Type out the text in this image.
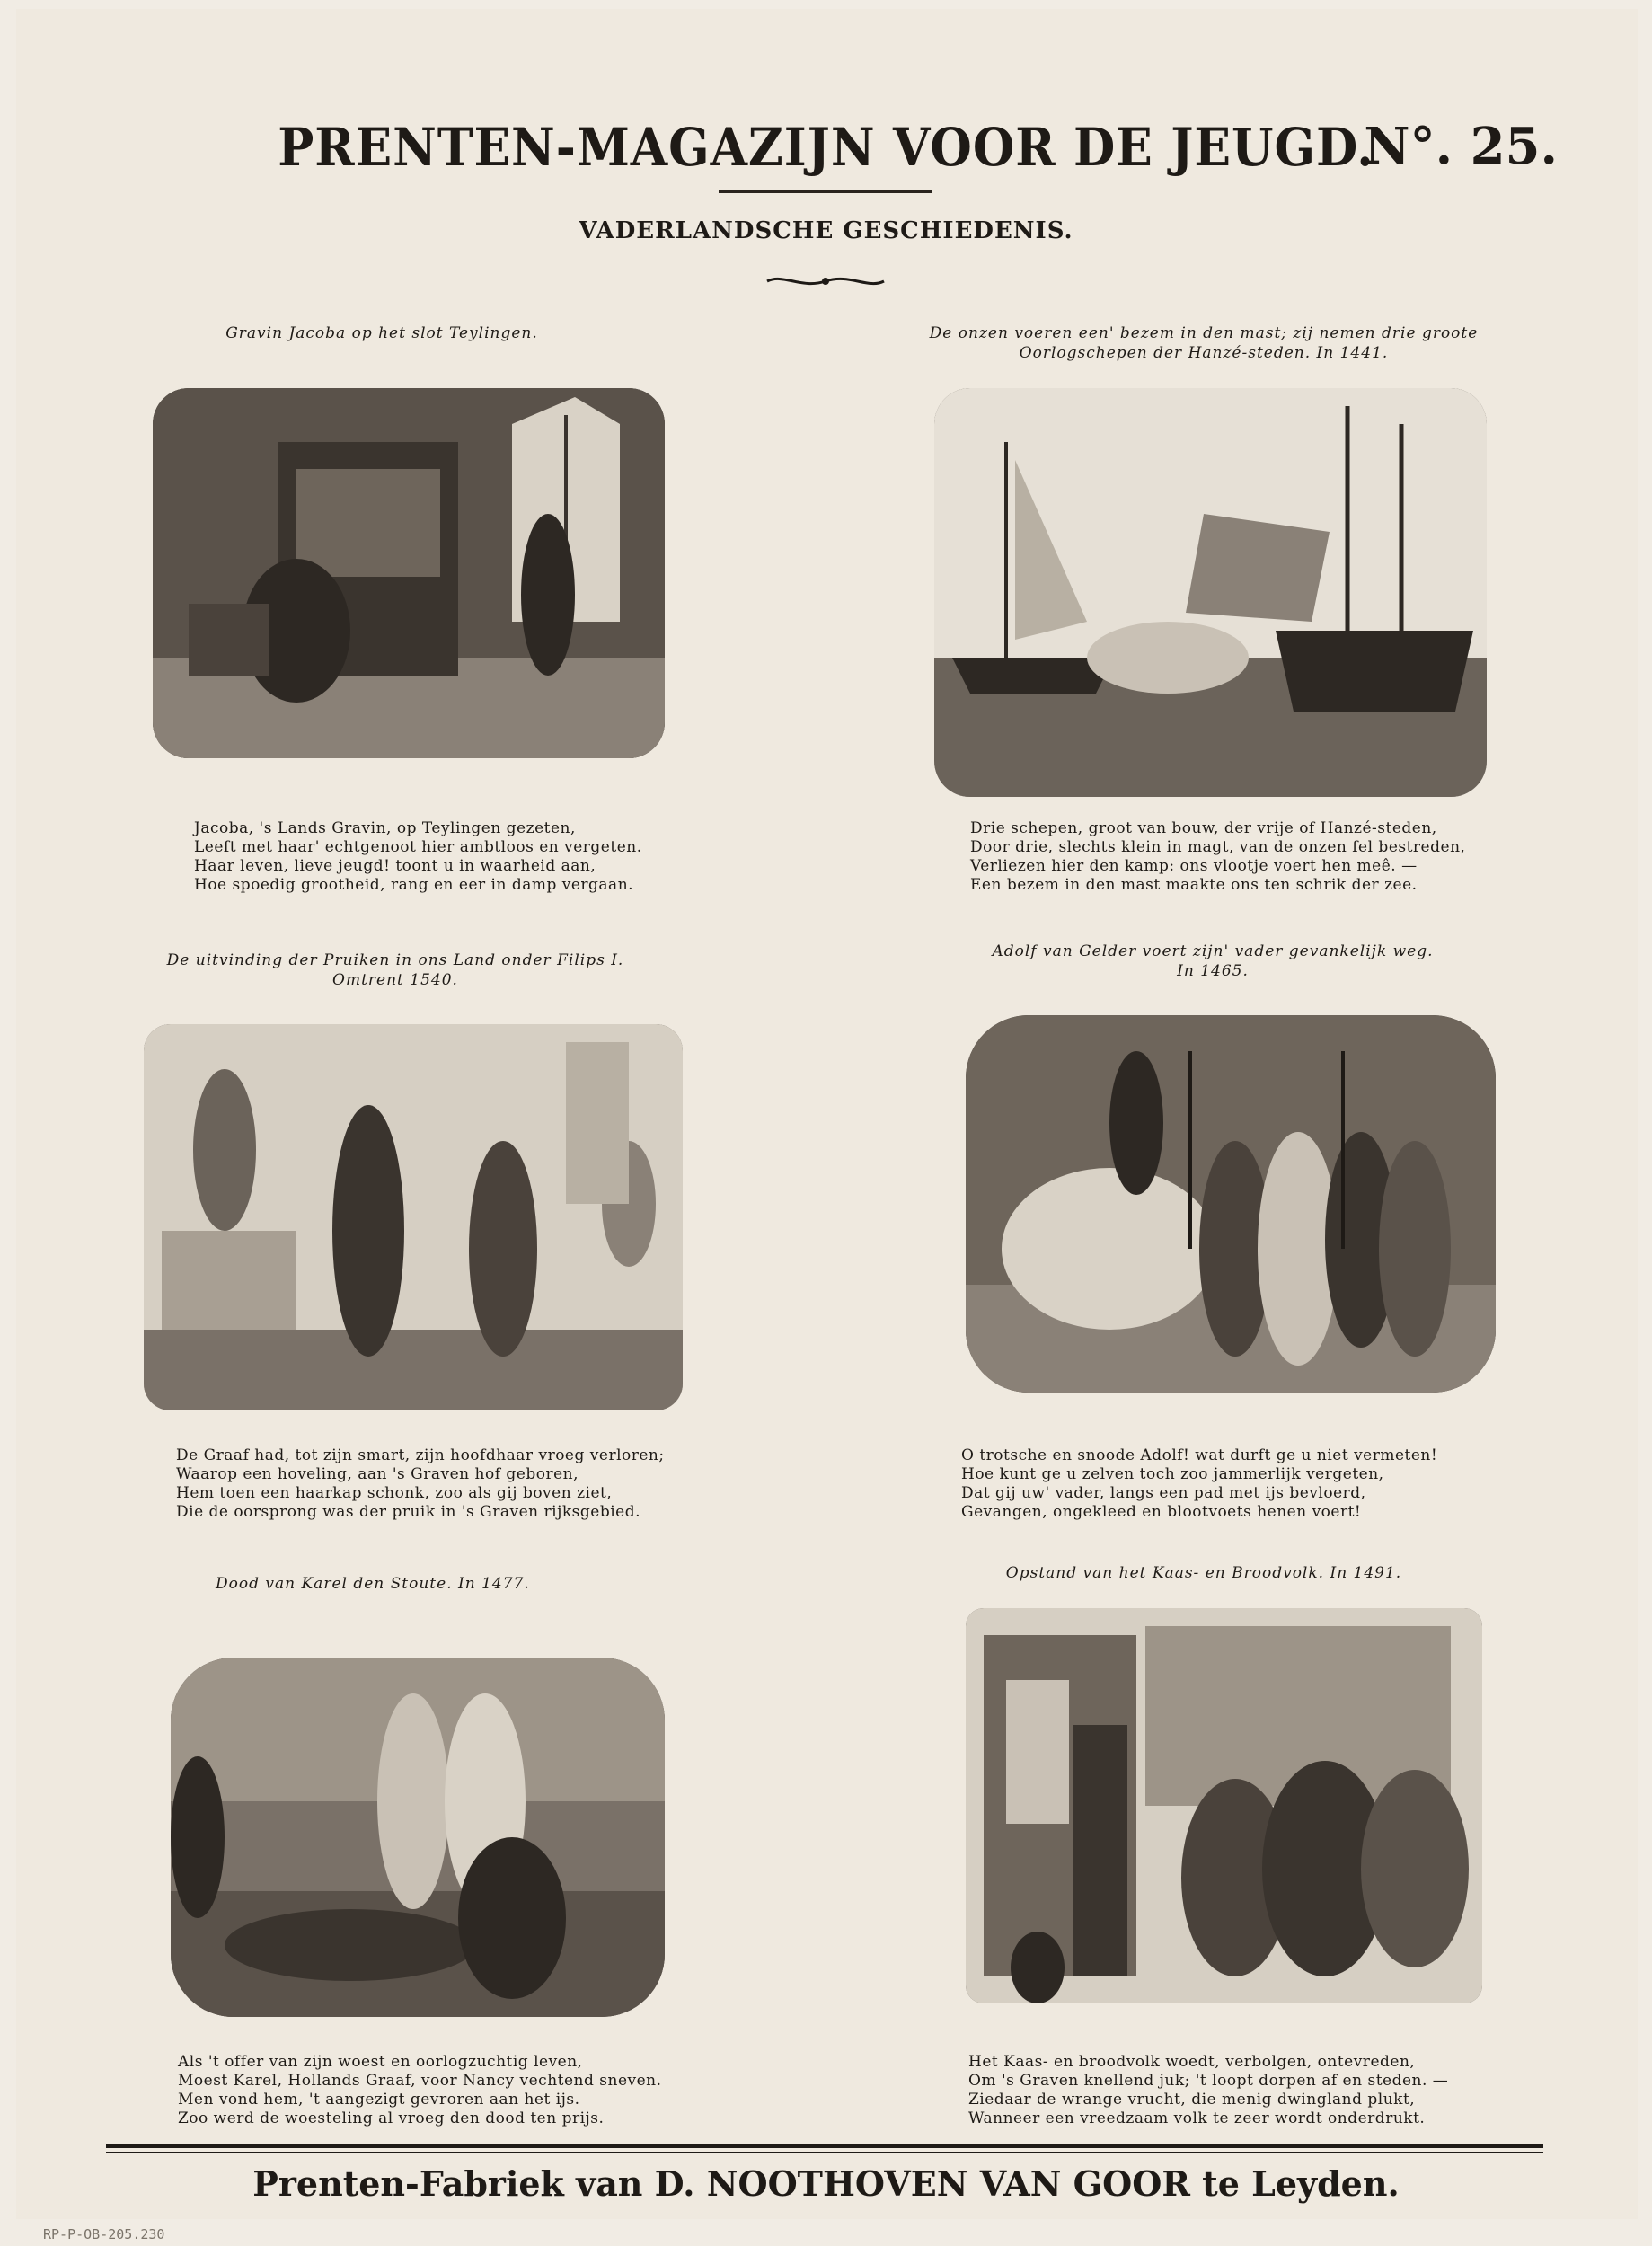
PRENTEN-MAGAZIJN VOOR DE JEUGD.
N°. 25.
VADERLANDSCHE GESCHIEDENIS.
Gravin Jacoba op het slot Teylingen.
Jacoba, 's Lands Gravin, op Teylingen gezeten,
Leeft met haar' echtgenoot hier ambtloos en vergeten.
Haar leven, lieve jeugd! toont u in waarheid aan,
Hoe spoedig grootheid, rang en eer in damp vergaan.
De onzen voeren een' bezem in den mast; zij nemen drie groote
Oorlogschepen der Hanzé-steden. In 1441.
Drie schepen, groot van bouw, der vrije of Hanzé-steden,
Door drie, slechts klein in magt, van de onzen fel bestreden,
Verliezen hier den kamp: ons vlootje voert hen meê. —
Een bezem in den mast maakte ons ten schrik der zee.
De uitvinding der Pruiken in ons Land onder Filips I.
Omtrent 1540.
De Graaf had, tot zijn smart, zijn hoofdhaar vroeg verloren;
Waarop een hoveling, aan 's Graven hof geboren,
Hem toen een haarkap schonk, zoo als gij boven ziet,
Die de oorsprong was der pruik in 's Graven rijksgebied.
Adolf van Gelder voert zijn' vader gevankelijk weg.
In 1465.
O trotsche en snoode Adolf! wat durft ge u niet vermeten!
Hoe kunt ge u zelven toch zoo jammerlijk vergeten,
Dat gij uw' vader, langs een pad met ijs bevloerd,
Gevangen, ongekleed en blootvoets henen voert!
Dood van Karel den Stoute. In 1477.
Als 't offer van zijn woest en oorlogzuchtig leven,
Moest Karel, Hollands Graaf, voor Nancy vechtend sneven.
Men vond hem, 't aangezigt gevroren aan het ijs.
Zoo werd de woesteling al vroeg den dood ten prijs.
Opstand van het Kaas- en Broodvolk. In 1491.
Het Kaas- en broodvolk woedt, verbolgen, ontevreden,
Om 's Graven knellend juk; 't loopt dorpen af en steden. —
Ziedaar de wrange vrucht, die menig dwingland plukt,
Wanneer een vreedzaam volk te zeer wordt onderdrukt.
Prenten-Fabriek van D. NOOTHOVEN VAN GOOR te Leyden.
RP-P-OB-205.230
